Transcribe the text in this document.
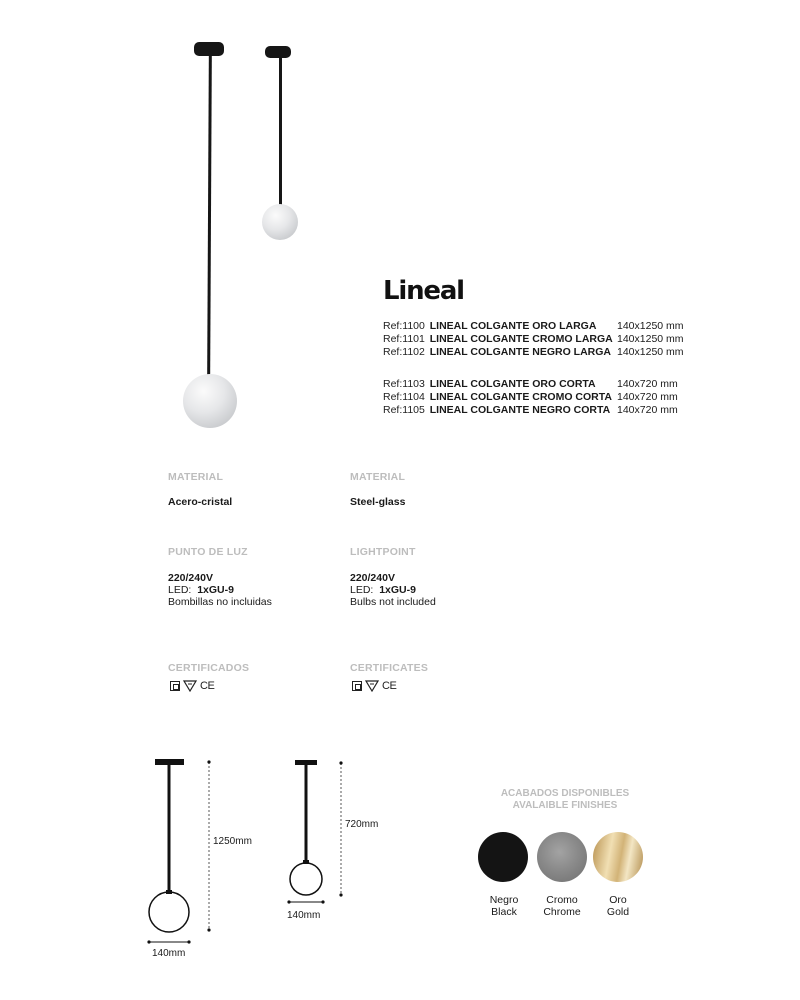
Lineal
Ref:1100 LINEAL COLGANTE ORO LARGA 140x1250 mm
Ref:1101 LINEAL COLGANTE CROMO LARGA 140x1250 mm
Ref:1102 LINEAL COLGANTE NEGRO LARGA 140x1250 mm
Ref:1103 LINEAL COLGANTE ORO CORTA 140x720 mm
Ref:1104 LINEAL COLGANTE CROMO CORTA 140x720 mm
Ref:1105 LINEAL COLGANTE NEGRO CORTA 140x720 mm
MATERIAL
Acero-cristal
PUNTO DE LUZ
220/240V
LED: 1xGU-9
Bombillas no incluidas
CERTIFICADOS
CE
MATERIAL
Steel-glass
LIGHTPOINT
220/240V
LED: 1xGU-9
Bulbs not included
CERTIFICATES
CE
1250mm
140mm
720mm
140mm
ACABADOS DISPONIBLES
AVALAIBLE FINISHES
Negro
Black
Cromo
Chrome
Oro
Gold
